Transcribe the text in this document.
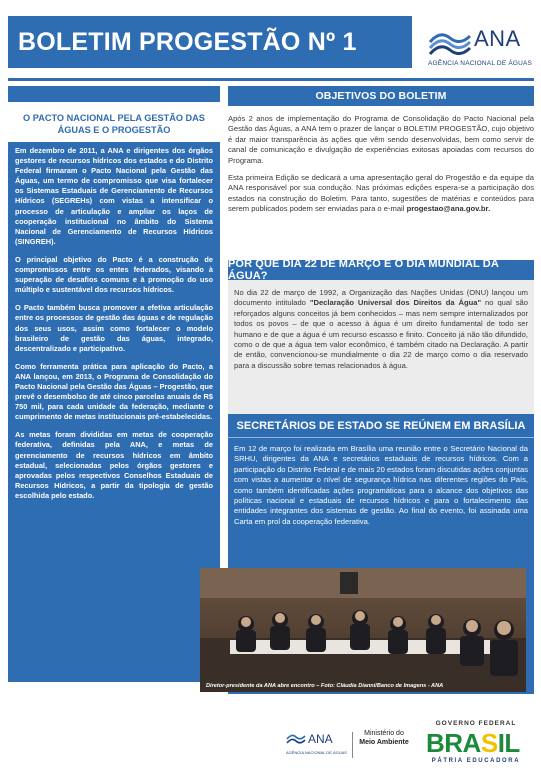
BOLETIM PROGESTÃO Nº 1	ANA
AGÊNCIA NACIONAL DE ÁGUAS
O PACTO NACIONAL PELA GESTÃO DAS ÁGUAS E O PROGESTÃO

Em dezembro de 2011, a ANA e dirigentes dos órgãos gestores de recursos hídricos dos estados e do Distrito Federal firmaram o Pacto Nacional pela Gestão das Águas, um termo de compromisso que visa fortalecer os Sistemas Estaduais de Gerenciamento de Recursos Hídricos (SEGREHs) com vistas a intensificar o processo de articulação e ampliar os laços de cooperação institucional no âmbito do Sistema Nacional de Gerenciamento de Recursos Hídricos (SINGREH).

O principal objetivo do Pacto é a construção de compromissos entre os entes federados, visando à superação de desafios comuns e à promoção do uso múltiplo e sustentável dos recursos hídricos.

O Pacto também busca promover a efetiva articulação entre os processos de gestão das águas e de regulação dos seus usos, assim como fortalecer o modelo brasileiro de gestão das águas, integrado, descentralizado e participativo.

Como ferramenta prática para aplicação do Pacto, a ANA lançou, em 2013, o Programa de Consolidação do Pacto Nacional pela Gestão das Águas – Progestão, que prevê o desembolso de até cinco parcelas anuais de R$ 750 mil, para cada unidade da federação, mediante o cumprimento de metas institucionais pré-estabelecidas.

As metas foram divididas em metas de cooperação federativa, definidas pela ANA, e metas de gerenciamento de recursos hídricos em âmbito estadual, selecionadas pelos órgãos gestores e aprovadas pelos respectivos Conselhos Estaduais de Recursos Hídricos, a partir da tipologia de gestão escolhida pelo estado.

OBJETIVOS DO BOLETIM

Após 2 anos de implementação do Programa de Consolidação do Pacto Nacional pela Gestão das Águas, a ANA tem o prazer de lançar o BOLETIM PROGESTÃO, cujo objetivo é dar maior transparência às ações que vêm sendo desenvolvidas, bem como servir de canal de comunicação e divulgação de experiências exitosas apoiadas com recursos do Programa.

Esta primeira Edição se dedicará a uma apresentação geral do Progestão e da equipe da ANA responsável por sua condução. Nas próximas edições espera-se a participação dos estados na construção do Boletim. Para tanto, sugestões de matérias e conteúdos para serem publicados podem ser enviadas para o e-mail progestao@ana.gov.br.

POR QUE DIA 22 DE MARÇO É O DIA MUNDIAL DA ÁGUA?

No dia 22 de março de 1992, a Organização das Nações Unidas (ONU) lançou um documento intitulado "Declaração Universal dos Direitos da Água" no qual são reforçados alguns conceitos já bem conhecidos – mas nem sempre internalizados por todos os povos – de que o acesso à água é um direito fundamental de todo ser humano e de que a água é um recurso escasso e finito. Conceito já não tão difundido, como o de que a água tem valor econômico, é também citado na Declaração. A partir de então, convencionou-se mundialmente o dia 22 de março como o dia reservado para a discussão sobre temas relacionados à água.

SECRETÁRIOS DE ESTADO SE REÚNEM EM BRASÍLIA
Em 12 de março foi realizada em Brasília uma reunião entre o Secretário Nacional da SRHU, dirigentes da ANA e secretários estaduais de recursos hídricos. Com a participação do Distrito Federal e de mais 20 estados foram discutidas ações conjuntas com vistas a aumentar o nível de segurança hídrica nas diferentes regiões do País, como também identificadas ações programáticas para o alcance dos objetivos das políticas nacional e estaduais de recursos hídricos e para o fortalecimento das entidades integrantes dos sistemas de gestão. Ao final do evento, foi assinada uma Carta em prol da cooperação federativa.
Diretor-presidente da ANA abre encontro – Foto: Cláudia Dianni/Banco de Imagens - ANA
ANA
AGÊNCIA NACIONAL DE ÁGUAS
Ministério do
Meio Ambiente
GOVERNO FEDERAL
BRASIL
PÁTRIA EDUCADORA
